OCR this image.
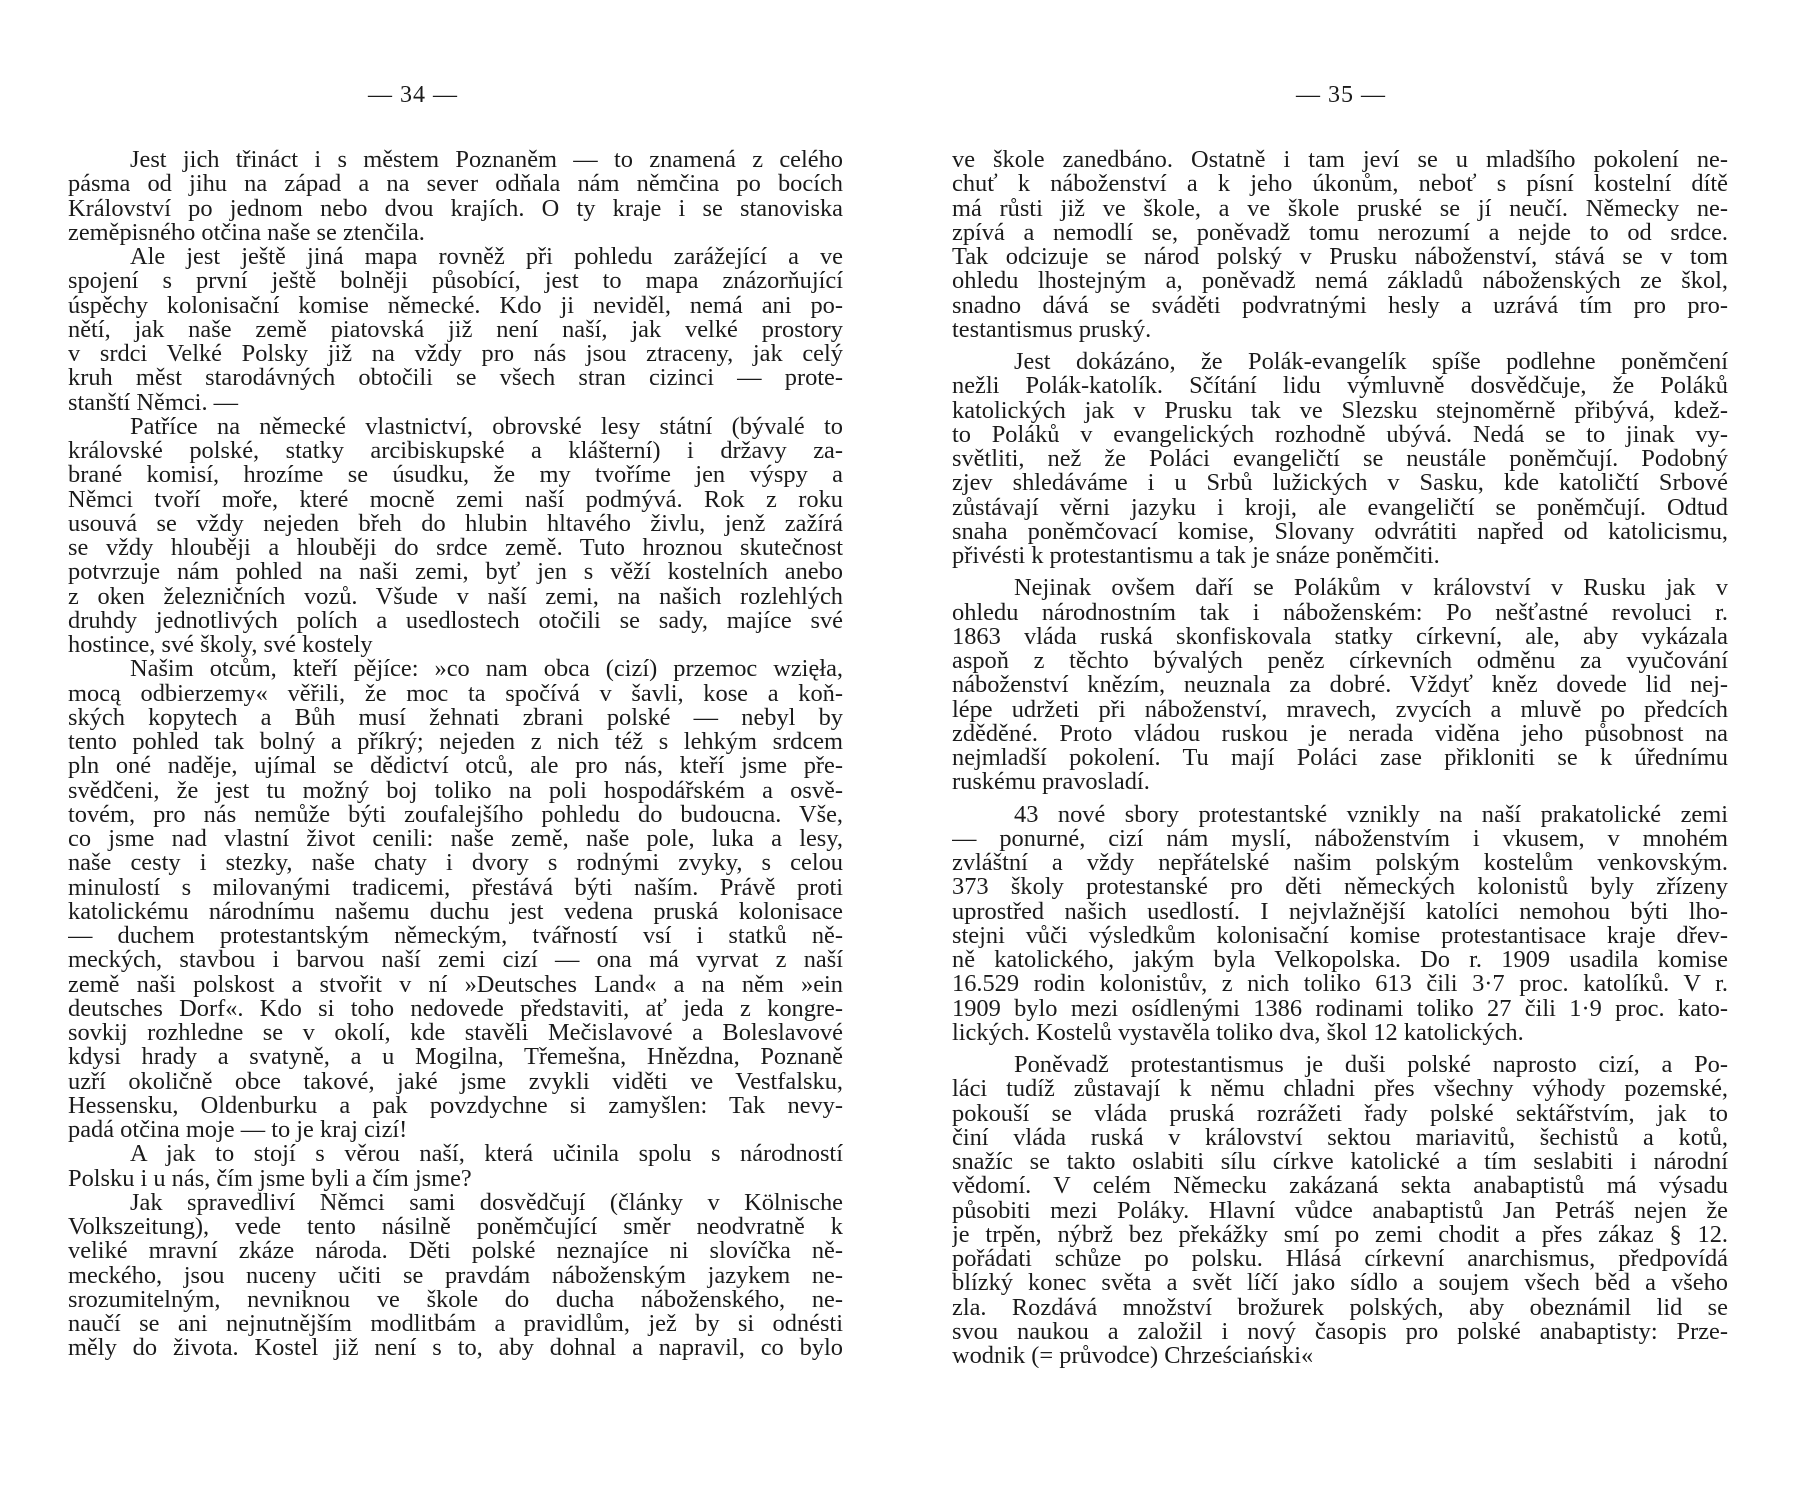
— 34 —
Jest jich třináct i s městem Poznaněm — to znamená z celého
pásma od jihu na západ a na sever odňala nám němčina po bocích
Království po jednom nebo dvou krajích. O ty kraje i se stanoviska
zeměpisného otčina naše se ztenčila.
Ale jest ještě jiná mapa rovněž při pohledu zarážející a ve
spojení s první ještě bolněji působící, jest to mapa znázorňující
úspěchy kolonisační komise německé. Kdo ji neviděl, nemá ani po-
nětí, jak naše země piatovská již není naší, jak velké prostory
v srdci Velké Polsky již na vždy pro nás jsou ztraceny, jak celý
kruh měst starodávných obtočili se všech stran cizinci — prote-
stanští Němci. —
Patříce na německé vlastnictví, obrovské lesy státní (bývalé to
královské polské, statky arcibiskupské a klášterní) i državy za-
brané komisí, hrozíme se úsudku, že my tvoříme jen výspy a
Němci tvoří moře, které mocně zemi naší podmývá. Rok z roku
usouvá se vždy nejeden břeh do hlubin hltavého živlu, jenž zažírá
se vždy hlouběji a hlouběji do srdce země. Tuto hroznou skutečnost
potvrzuje nám pohled na naši zemi, byť jen s věží kostelních anebo
z oken železničních vozů. Všude v naší zemi, na našich rozlehlých
druhdy jednotlivých polích a usedlostech otočili se sady, majíce své
hostince, své školy, své kostely
Našim otcům, kteří pějíce: »co nam obca (cizí) przemoc wzięła,
mocą odbierzemy« věřili, že moc ta spočívá v šavli, kose a koň-
ských kopytech a Bůh musí žehnati zbrani polské — nebyl by
tento pohled tak bolný a příkrý; nejeden z nich též s lehkým srdcem
pln oné naděje, ujímal se dědictví otců, ale pro nás, kteří jsme pře-
svědčeni, že jest tu možný boj toliko na poli hospodářském a osvě-
tovém, pro nás nemůže býti zoufalejšího pohledu do budoucna. Vše,
co jsme nad vlastní život cenili: naše země, naše pole, luka a lesy,
naše cesty i stezky, naše chaty i dvory s rodnými zvyky, s celou
minulostí s milovanými tradicemi, přestává býti naším. Právě proti
katolickému národnímu našemu duchu jest vedena pruská kolonisace
— duchem protestantským německým, tvářností vsí i statků ně-
meckých, stavbou i barvou naší zemi cizí — ona má vyrvat z naší
země naši polskost a stvořit v ní »Deutsches Land« a na něm »ein
deutsches Dorf«. Kdo si toho nedovede představiti, ať jeda z kongre-
sovkij rozhledne se v okolí, kde stavěli Mečislavové a Boleslavové
kdysi hrady a svatyně, a u Mogilna, Třemešna, Hnězdna, Poznaně
uzří okoličně obce takové, jaké jsme zvykli viděti ve Vestfalsku,
Hessensku, Oldenburku a pak povzdychne si zamyšlen: Tak nevy-
padá otčina moje — to je kraj cizí!
A jak to stojí s věrou naší, která učinila spolu s národností
Polsku i u nás, čím jsme byli a čím jsme?
Jak spravedliví Němci sami dosvědčují (články v Kölnische
Volkszeitung), vede tento násilně poněmčující směr neodvratně k
veliké mravní zkáze národa. Děti polské neznajíce ni slovíčka ně-
meckého, jsou nuceny učiti se pravdám náboženským jazykem ne-
srozumitelným, nevniknou ve škole do ducha náboženského, ne-
naučí se ani nejnutnějším modlitbám a pravidlům, jež by si odnésti
měly do života. Kostel již není s to, aby dohnal a napravil, co bylo
— 35 —
ve škole zanedbáno. Ostatně i tam jeví se u mladšího pokolení ne-
chuť k náboženství a k jeho úkonům, neboť s písní kostelní dítě
má růsti již ve škole, a ve škole pruské se jí neučí. Německy ne-
zpívá a nemodlí se, poněvadž tomu nerozumí a nejde to od srdce.
Tak odcizuje se národ polský v Prusku náboženství, stává se v tom
ohledu lhostejným a, poněvadž nemá základů náboženských ze škol,
snadno dává se sváděti podvratnými hesly a uzrává tím pro pro-
testantismus pruský.
Jest dokázáno, že Polák-evangelík spíše podlehne poněmčení
nežli Polák-katolík. Sčítání lidu výmluvně dosvědčuje, že Poláků
katolických jak v Prusku tak ve Slezsku stejnoměrně přibývá, kdež-
to Poláků v evangelických rozhodně ubývá. Nedá se to jinak vy-
světliti, než že Poláci evangeličtí se neustále poněmčují. Podobný
zjev shledáváme i u Srbů lužických v Sasku, kde katoličtí Srbové
zůstávají věrni jazyku i kroji, ale evangeličtí se poněmčují. Odtud
snaha poněmčovací komise, Slovany odvrátiti napřed od katolicismu,
přivésti k protestantismu a tak je snáze poněmčiti.
Nejinak ovšem daří se Polákům v království v Rusku jak v
ohledu národnostním tak i náboženském: Po nešťastné revoluci r.
1863 vláda ruská skonfiskovala statky církevní, ale, aby vykázala
aspoň z těchto bývalých peněz církevních odměnu za vyučování
náboženství knězím, neuznala za dobré. Vždyť kněz dovede lid nej-
lépe udržeti při náboženství, mravech, zvycích a mluvě po předcích
zděděné. Proto vládou ruskou je nerada viděna jeho působnost na
nejmladší pokolení. Tu mají Poláci zase přikloniti se k úřednímu
ruskému pravosladí.
43 nové sbory protestantské vznikly na naší prakatolické zemi
— ponurné, cizí nám myslí, náboženstvím i vkusem, v mnohém
zvláštní a vždy nepřátelské našim polským kostelům venkovským.
373 školy protestanské pro děti německých kolonistů byly zřízeny
uprostřed našich usedlostí. I nejvlažnější katolíci nemohou býti lho-
stejni vůči výsledkům kolonisační komise protestantisace kraje dřev-
ně katolického, jakým byla Velkopolska. Do r. 1909 usadila komise
16.529 rodin kolonistův, z nich toliko 613 čili 3·7 proc. katolíků. V r.
1909 bylo mezi osídlenými 1386 rodinami toliko 27 čili 1·9 proc. kato-
lických. Kostelů vystavěla toliko dva, škol 12 katolických.
Poněvadž protestantismus je duši polské naprosto cizí, a Po-
láci tudíž zůstavají k němu chladni přes všechny výhody pozemské,
pokouší se vláda pruská rozrážeti řady polské sektářstvím, jak to
činí vláda ruská v království sektou mariavitů, šechistů a kotů,
snažíc se takto oslabiti sílu církve katolické a tím seslabiti i národní
vědomí. V celém Německu zakázaná sekta anabaptistů má výsadu
působiti mezi Poláky. Hlavní vůdce anabaptistů Jan Petráš nejen že
je trpěn, nýbrž bez překážky smí po zemi chodit a přes zákaz § 12.
pořádati schůze po polsku. Hlásá církevní anarchismus, předpovídá
blízký konec světa a svět líčí jako sídlo a soujem všech běd a všeho
zla. Rozdává množství brožurek polských, aby obeznámil lid se
svou naukou a založil i nový časopis pro polské anabaptisty: Prze-
wodnik (= průvodce) Chrześciański«
